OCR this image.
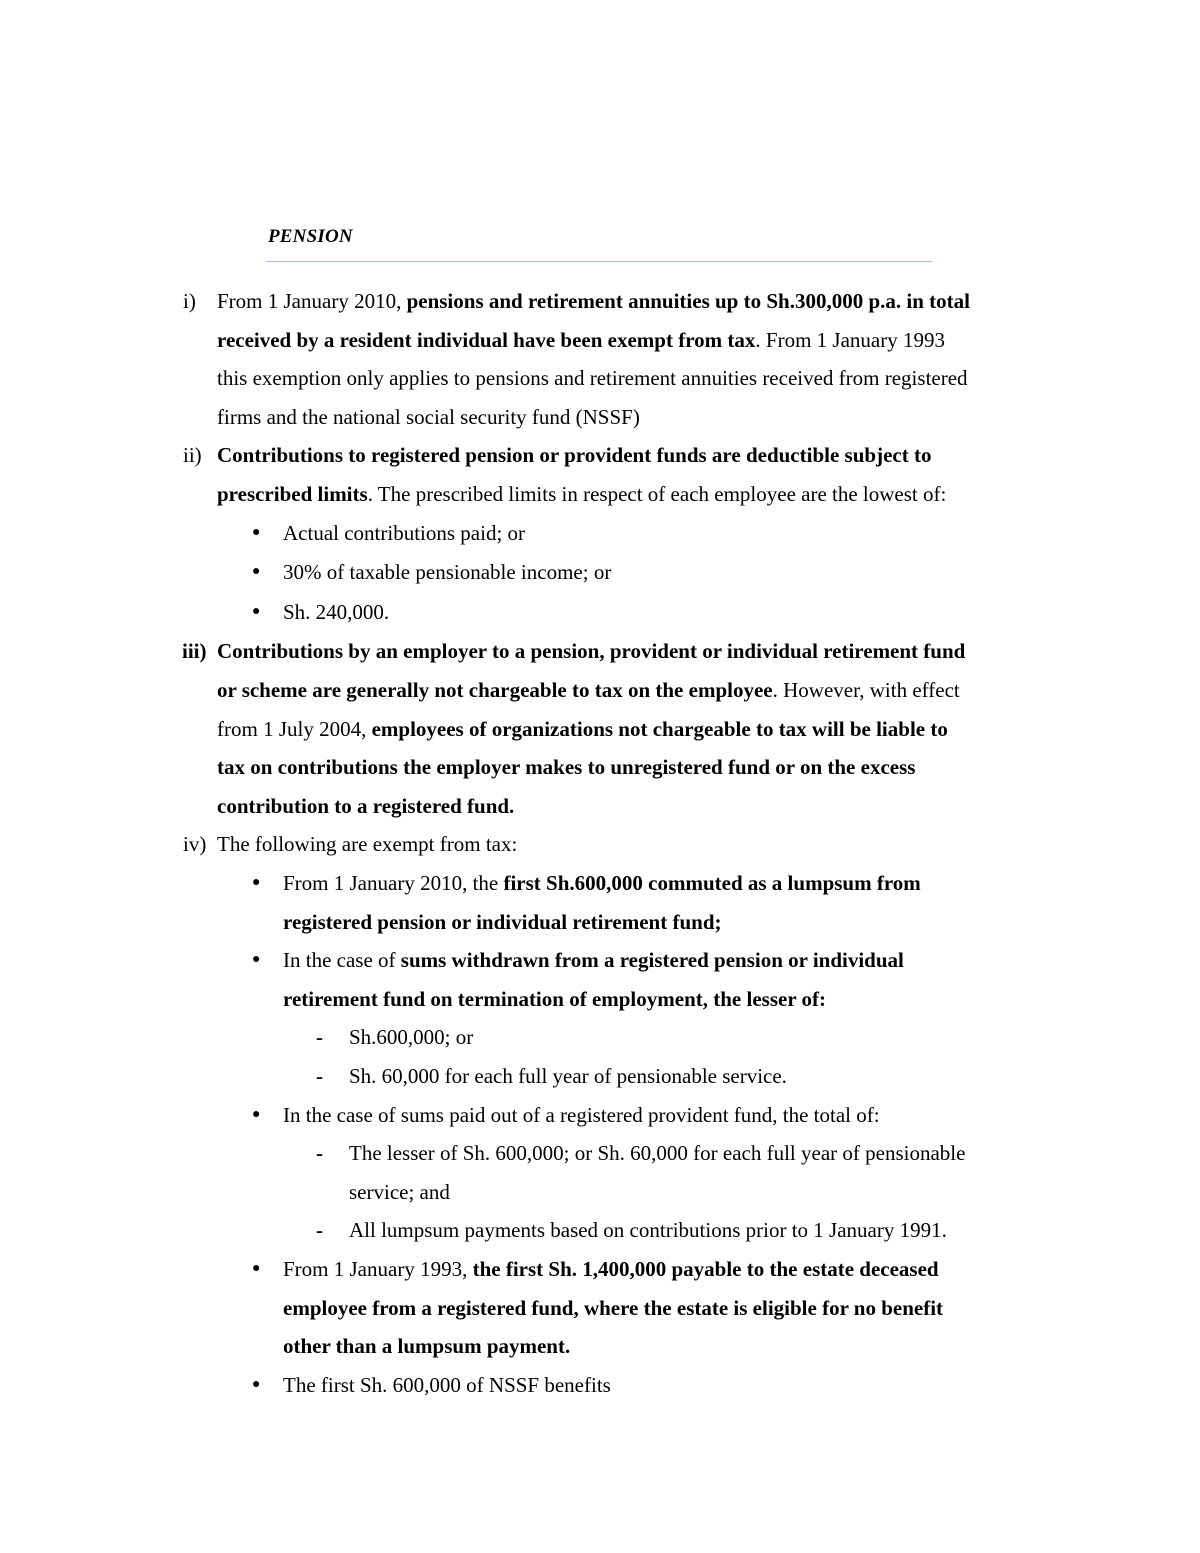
PENSION
i) From 1 January 2010, pensions and retirement annuities up to Sh.300,000 p.a. in total
received by a resident individual have been exempt from tax. From 1 January 1993
this exemption only applies to pensions and retirement annuities received from registered
firms and the national social security fund (NSSF)
ii) Contributions to registered pension or provident funds are deductible subject to
prescribed limits. The prescribed limits in respect of each employee are the lowest of:
● Actual contributions paid; or
● 30% of taxable pensionable income; or
● Sh. 240,000.
iii) Contributions by an employer to a pension, provident or individual retirement fund
or scheme are generally not chargeable to tax on the employee. However, with effect
from 1 July 2004, employees of organizations not chargeable to tax will be liable to
tax on contributions the employer makes to unregistered fund or on the excess
contribution to a registered fund.
iv) The following are exempt from tax:
● From 1 January 2010, the first Sh.600,000 commuted as a lumpsum from
registered pension or individual retirement fund;
● In the case of sums withdrawn from a registered pension or individual
retirement fund on termination of employment, the lesser of:
- Sh.600,000; or
- Sh. 60,000 for each full year of pensionable service.
● In the case of sums paid out of a registered provident fund, the total of:
- The lesser of Sh. 600,000; or Sh. 60,000 for each full year of pensionable
service; and
- All lumpsum payments based on contributions prior to 1 January 1991.
● From 1 January 1993, the first Sh. 1,400,000 payable to the estate deceased
employee from a registered fund, where the estate is eligible for no benefit
other than a lumpsum payment.
● The first Sh. 600,000 of NSSF benefits
